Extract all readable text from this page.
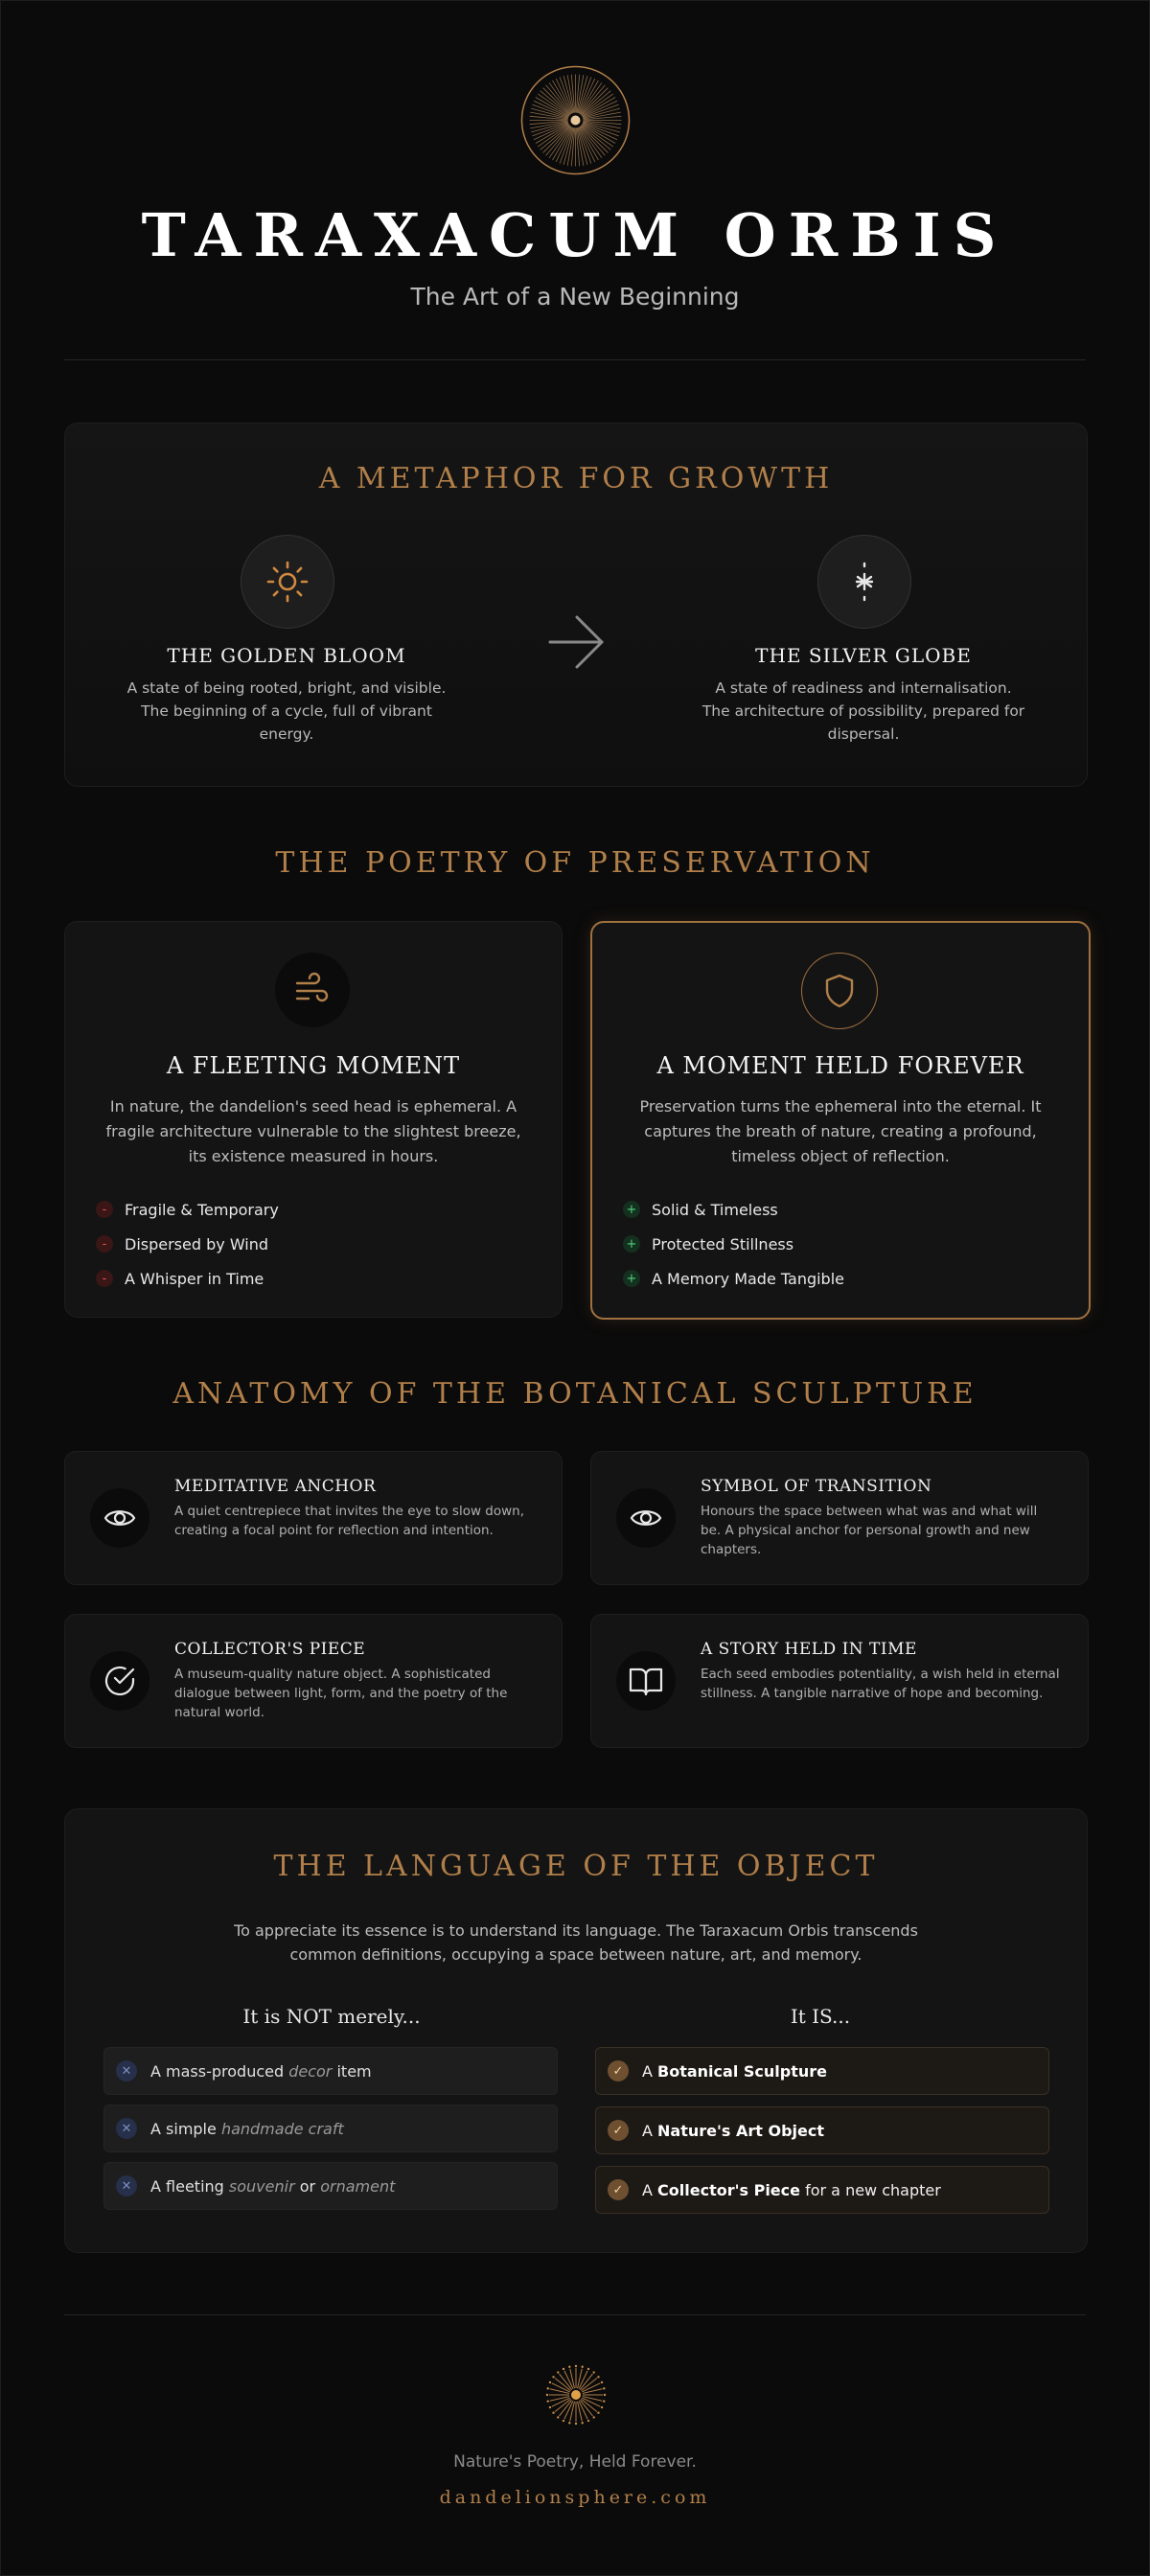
TARAXACUM ORBIS
The Art of a New Beginning
A METAPHOR FOR GROWTH
THE GOLDEN BLOOM
A state of being rooted, bright, and visible. The beginning of a cycle, full of vibrant energy.
THE SILVER GLOBE
A state of readiness and internalisation. The architecture of possibility, prepared for dispersal.
THE POETRY OF PRESERVATION
A FLEETING MOMENT
In nature, the dandelion's seed head is ephemeral. A fragile architecture vulnerable to the slightest breeze, its existence measured in hours.
-	Fragile & Temporary
-	Dispersed by Wind
-	A Whisper in Time
A MOMENT HELD FOREVER
Preservation turns the ephemeral into the eternal. It captures the breath of nature, creating a profound, timeless object of reflection.
+ Solid & Timeless
+ Protected Stillness
+ A Memory Made Tangible
ANATOMY OF THE BOTANICAL SCULPTURE
MEDITATIVE ANCHOR
A quiet centrepiece that invites the eye to slow down, creating a focal point for reflection and intention.
SYMBOL OF TRANSITION
Honours the space between what was and what will be. A physical anchor for personal growth and new chapters.
COLLECTOR'S PIECE
A museum-quality nature object. A sophisticated dialogue between light, form, and the poetry of the natural world.
A STORY HELD IN TIME
Each seed embodies potentiality, a wish held in eternal stillness. A tangible narrative of hope and becoming.
THE LANGUAGE OF THE OBJECT
To appreciate its essence is to understand its language. The Taraxacum Orbis transcends common definitions, occupying a space between nature, art, and memory.
It is NOT merely...	It IS...
✕	A mass-produced decor item
✕	A simple handmade craft
✕	A fleeting souvenir or ornament
✓	A Botanical Sculpture
✓	A Nature's Art Object
✓	A Collector's Piece for a new chapter
Nature's Poetry, Held Forever.
dandelionsphere.com
